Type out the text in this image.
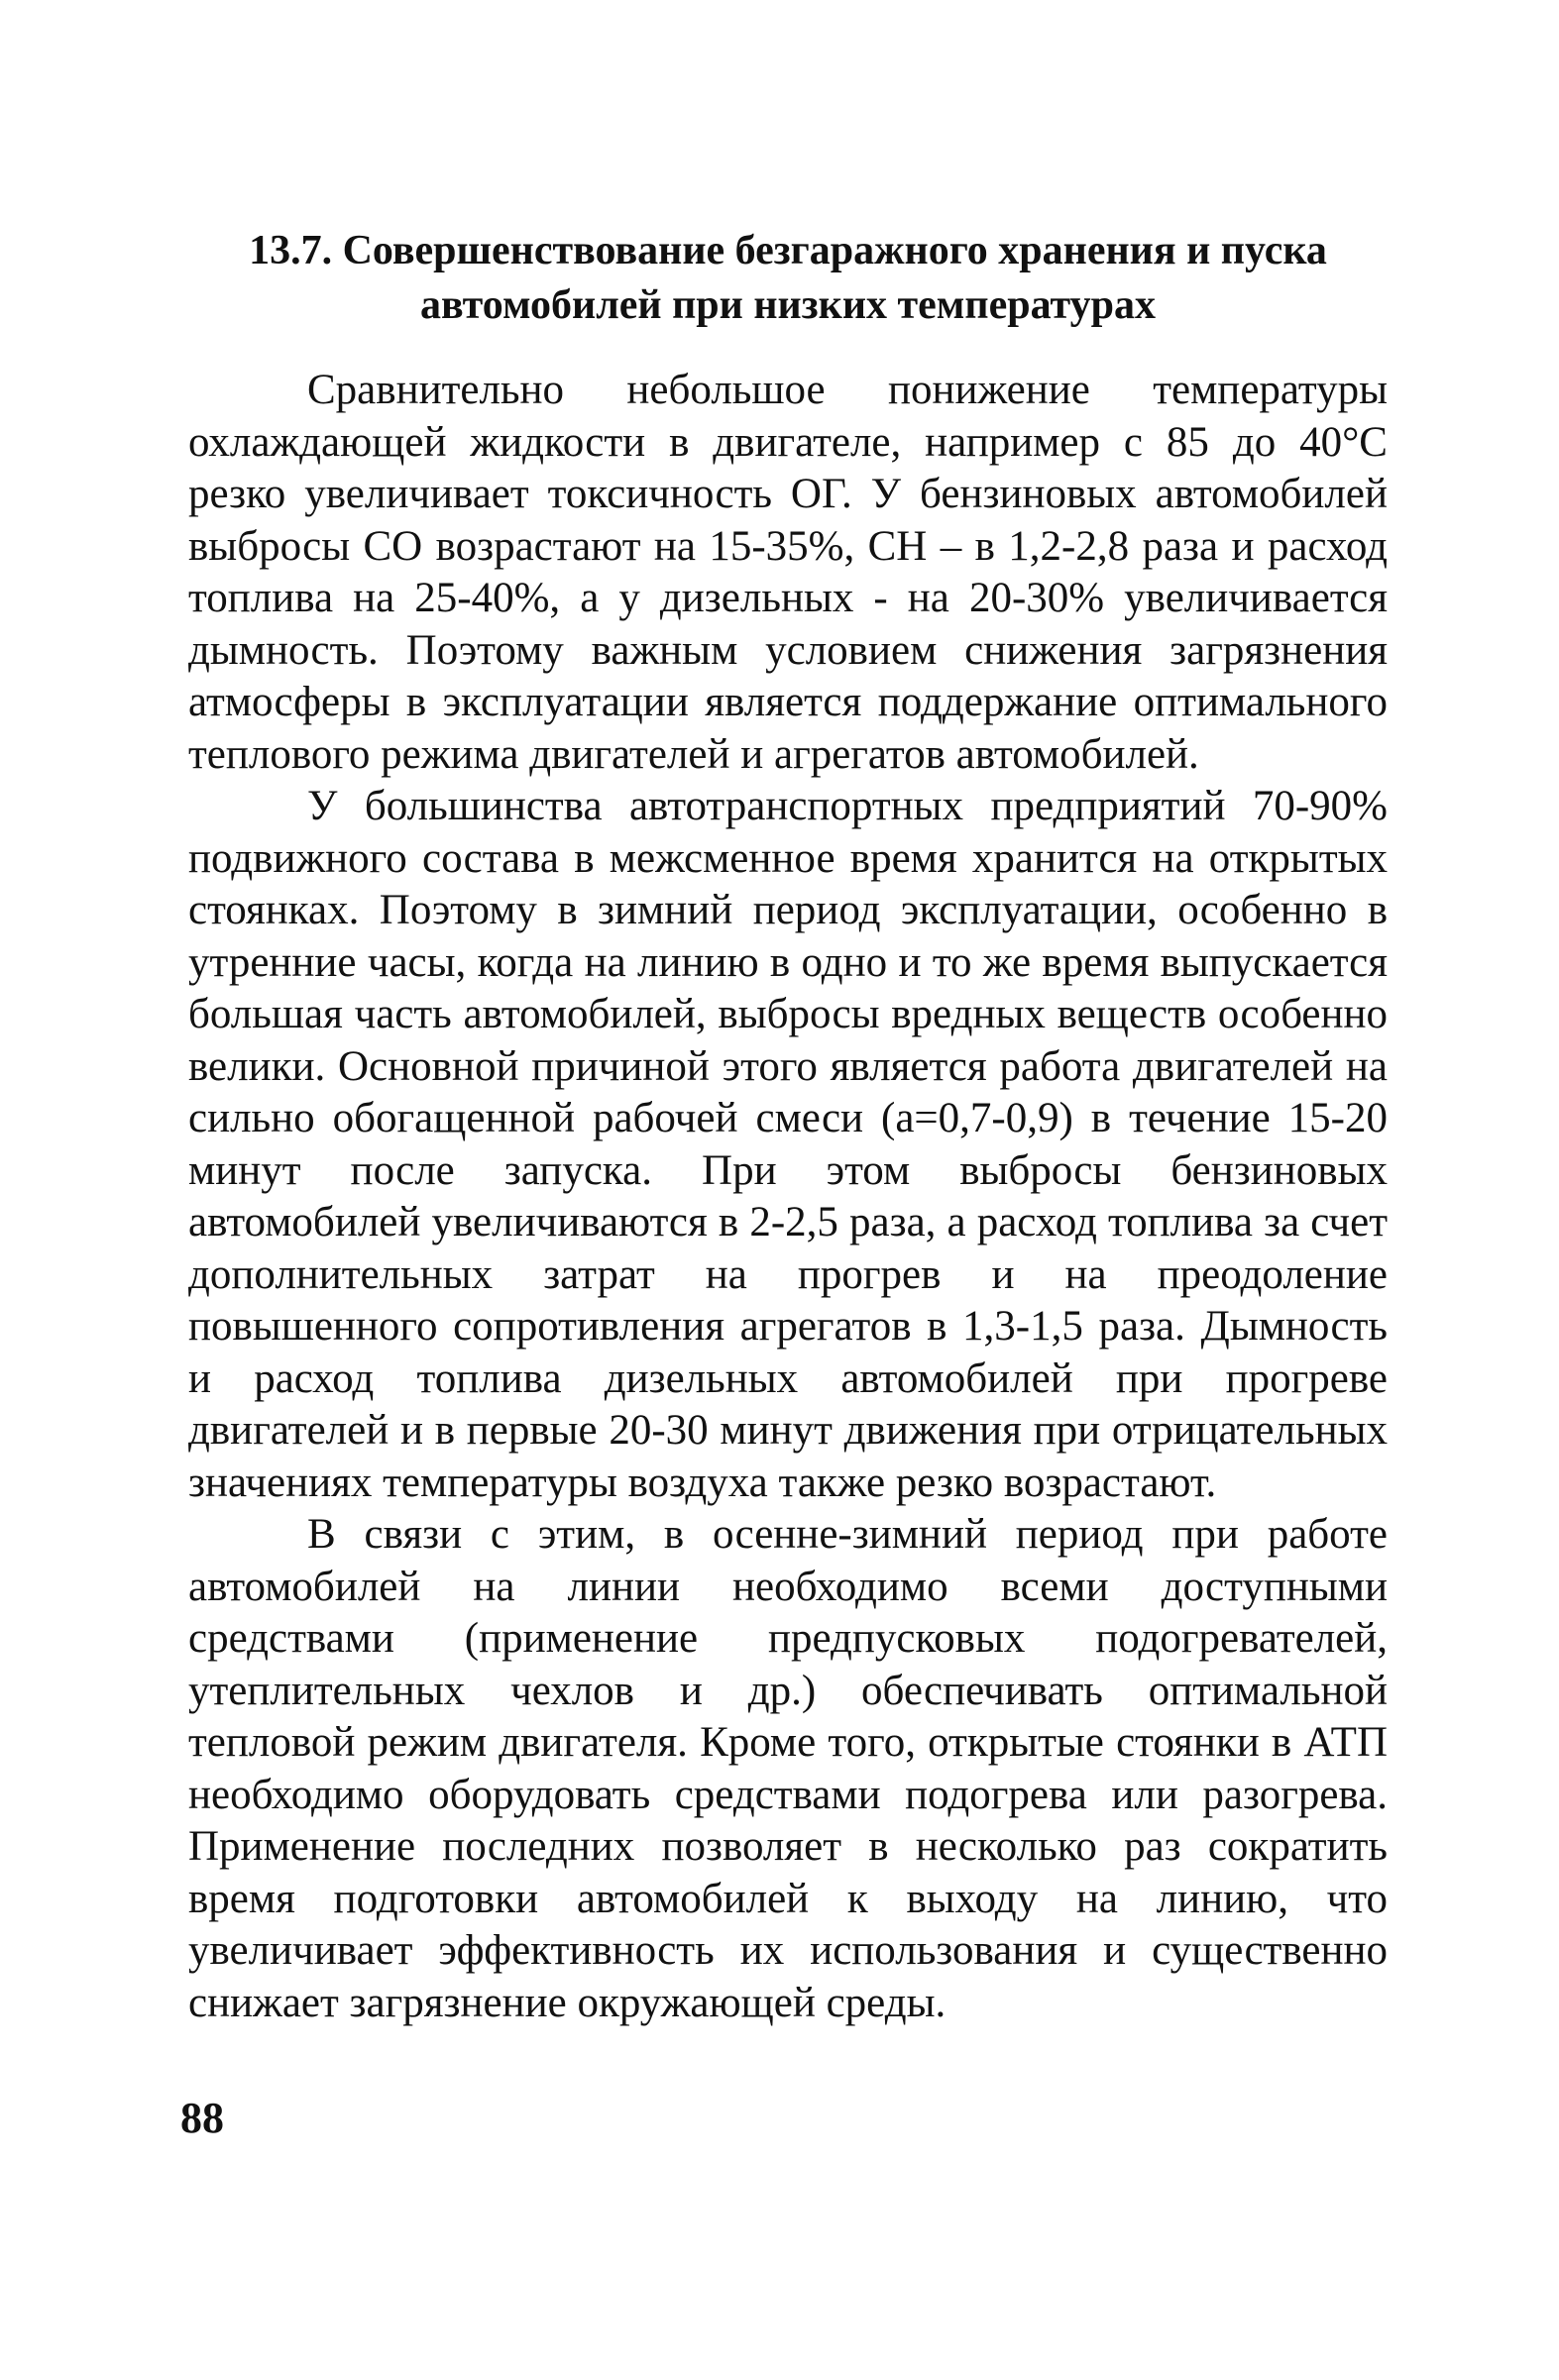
13.7. Совершенствование безгаражного хранения и пуска
автомобилей при низких температурах

Сравнительно небольшое понижение температуры охлаждающей жидкости в двигателе, например с 85 до 40°С резко увеличивает токсичность ОГ. У бензиновых автомобилей выбросы СО возрастают на 15-35%, СН – в 1,2-2,8 раза и расход топлива на 25-40%, а у дизельных - на 20-30% увеличивается дымность. Поэтому важным условием снижения загрязнения атмосферы в эксплуатации является поддержание оптимального теплового режима двигателей и агрегатов автомобилей.

У большинства автотранспортных предприятий 70-90% подвижного состава в межсменное время хранится на открытых стоянках. Поэтому в зимний период эксплуатации, особенно в утренние часы, когда на линию в одно и то же время выпускается большая часть автомобилей, выбросы вредных веществ особенно велики. Основной причиной этого является работа двигателей на сильно обогащенной рабочей смеси (a=0,7-0,9) в течение 15-20 минут после запуска. При этом выбросы бензиновых автомобилей увеличиваются в 2-2,5 раза, а расход топлива за счет дополнительных затрат на прогрев и на преодоление повышенного сопротивления агрегатов в 1,3-1,5 раза. Дымность и расход топлива дизельных автомобилей при прогреве двигателей и в первые 20-30 минут движения при отрицательных значениях температуры воздуха также резко возрастают.

В связи с этим, в осенне-зимний период при работе автомобилей на линии необходимо всеми доступными средствами (применение предпусковых подогревателей, утеплительных чехлов и др.) обеспечивать оптимальной тепловой режим двигателя. Кроме того, открытые стоянки в АТП необходимо оборудовать средствами подогрева или разогрева. Применение последних позволяет в несколько раз сократить время подготовки автомобилей к выходу на линию, что увеличивает эффективность их использования и существенно снижает загрязнение окружающей среды.

88
